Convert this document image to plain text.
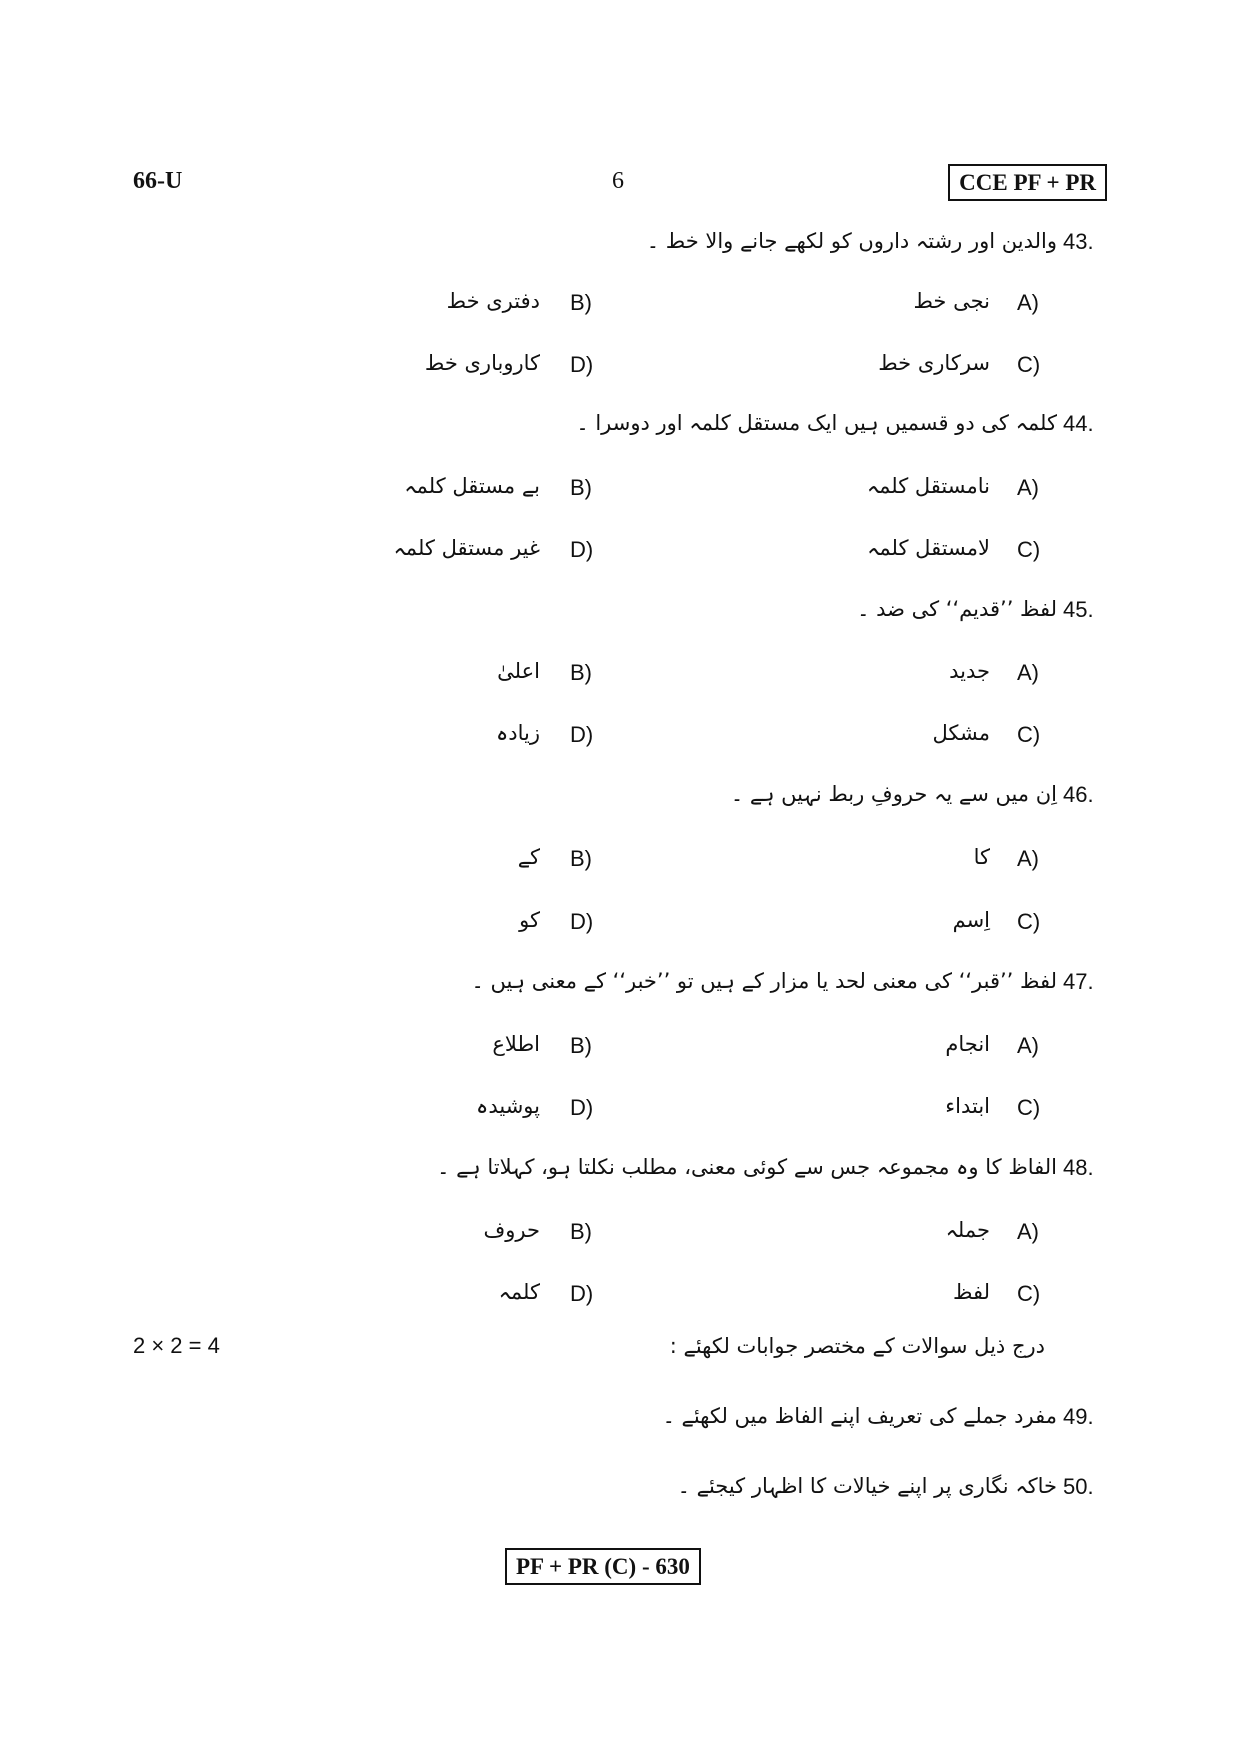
66-U	6	CCE PF + PR
43.
والدین اور رشتہ داروں کو لکھے جانے والا خط ۔
A)
نجی خط
B)
دفتری خط
C)
سرکاری خط
D)
کاروباری خط
44.
کلمہ کی دو قسمیں ہیں ایک مستقل کلمہ اور دوسرا ۔
A)
نامستقل کلمہ
B)
بے مستقل کلمہ
C)
لامستقل کلمہ
D)
غیر مستقل کلمہ
45.
لفظ ’’قدیم‘‘ کی ضد ۔
A)
جدید
B)
اعلیٰ
C)
مشکل
D)
زیادہ
46.
اِن میں سے یہ حروفِ ربط نہیں ہے ۔
A)
کا
B)
کے
C)
اِسم
D)
کو
47.
لفظ ’’قبر‘‘ کی معنی لحد یا مزار کے ہیں تو ’’خبر‘‘ کے معنی ہیں ۔
A)
انجام
B)
اطلاع
C)
ابتداء
D)
پوشیدہ
48.
الفاظ کا وہ مجموعہ جس سے کوئی معنی، مطلب نکلتا ہو، کہلاتا ہے ۔
A)
جملہ
B)
حروف
C)
لفظ
D)
کلمہ
2 × 2 = 4	درج ذیل سوالات کے مختصر جوابات لکھئے :
49.
مفرد جملے کی تعریف اپنے الفاظ میں لکھئے ۔
50.
خاکہ نگاری پر اپنے خیالات کا اظہار کیجئے ۔
PF + PR (C) - 630
